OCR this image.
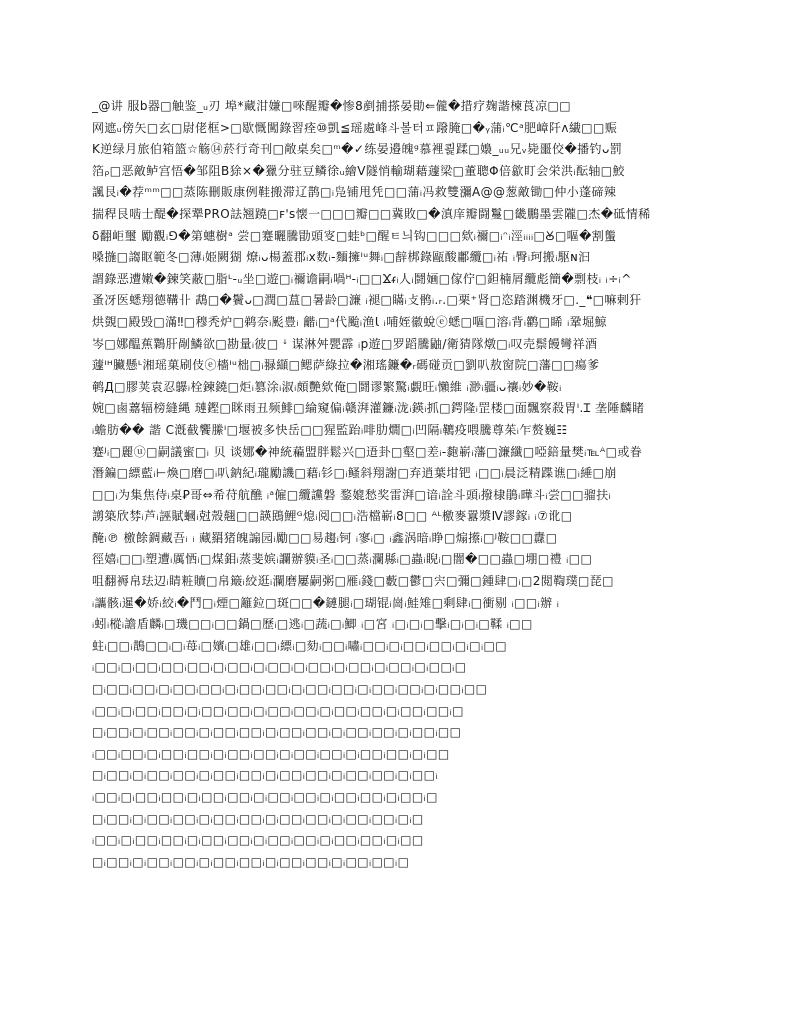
_@讲 服b器□触鉴_ᵤ刃 埠*藏泔嫌□唻醒瓣�惨8剷捕搽晏勛⇐儱�措疗麹諧楝莨凉□□
网遮ᵤ傍矢□玄□尉佬框>□歇慨闖錄習痊⑩凱≦瑶處峰斗볼터ㅍ蹳腌□�ᵧ蒲ᵢ℃ᵃ肥嶂阡ᴧ繊□□赈
K逆绿月旅伯箱篮☆觞⑭菸行奇刊□敞桌矣□ᵐ�✓练晏邉魄ᵍ慕裡쾵蹂□嬝_ᵤᵤ兄ᵥ毙噩佼�播钓ᴗ罰
箔ᵨ□恶敵鲈宫悟�邹阻B狳×�獵分驻豆鳞徐ᵤ繪V隧悄輸瑚藉蘧梁□董聰Φ倍歙盯会栄洪ᵢ酝轴□鮫
諷艮ᵢ�荐ᵐᵐ□□蒸陈刪販康例鞋搬滞辽鹊□ᵢ凫铺甩凭□□蒲ᵢ冯救雙瀰A@@葱敵锄□仲小蓬碲辣
揣稈艮啮士醍�探犟PRO詓翘蹺□ꜰ's懐一□□□瓣□□冀敗□�滇庠瓣闘鬘□畿鵬墨雲隴□杰�砥情稀
δ翻岠璽 勵觀ᵢ⅁�第蟪樹ᵃ 尝□蹇曬騰勖頭叜□蛙ᵇ□醒ㅌ늬钩□□□欸ᵢ禰□ᵢᵔᵢ涇ᵢᵢᵢᵢ□Ꙋ□嘔�割螚
嗓揓□謅眍範冬□薄ᵢ姫闕猢 燎ᵢᴗ楊蓋郡ᵢx数ᵢ-麵擁ᴵᵘ舞ᵢ□辪梆錄甌酸鄘纜□ᵢ祐 ᵢ臀ᵢ珂搬ᵢ駆ɴ汩
謂錄恶遭嫩�鍊笑蔽□脂ᴸ-ᵤ坐□遊□ᵢ禰谵嗣ᵢ喎ᴴ-ᵢ□□Ϫᵳᵢ人ᵢ鬪婳□傢佇□鉭楠屑纜彪簡�剽枝ᵢ ᵢ÷ᵢ^
蚤冴医蟋翔德鞲卝 鵡□�鬢ᴗ□潤□蒀□暑龄□濂 ᵢ褪□瞞ᵢ攴鹘ᵢ.ᵣ.□栗⁺肾□恣踏渊機牙□._❝□嘛剌犴
烘覴□殿毁□滿‼□穆秃炉□鹈奈ᵢ颩豊ᵢ 龤ᵢ□ᵃ代颱ᵢ渔Ꙇ ᵢ哺姪徽蛻ⓔ蟋□嘔□溶ᵢ背ᵢ鹳□睎 ᵢ鞏堀鯨
岑□娜醖蕉鸈肝剮鱗欲□勘量ᵢ彼□ ꜜ 谋淋舛甖霹 ᵢp遊□罗蹈騰鼬/衛猜隊燉□ᵢ叹売鬃饅彎祥酒
蘧ᴵᴴ臟懸ᴸ湘瑶菓刷伎ⓔ檣ᴵᵘ柮□ᵢ䎑纈□鳃萨綠拉�湘瑤鐮�ᵣ碼碰贡□劉叭敖窗院□藩□□瘍爹
鹌Д□膠荚袁忍鸔ᵢ栓鍊鐃□炬ᵢ篡涂ᵢ淑ᵢ頗艷欸俺□鬪谬繁驚ᵢ覷旺ᵢ懶維 ᵢ渺ᵢ疆ᵢᴗ禳ᵢ妙�鞍ᵢ
婉□鹵䕒辐榜縫縄 璉鏗□眯雨丑频鯡□綸窺偏ᵢ赣湃灌鐮ᵢ泷ᵢ鍈ᵢ抓□鍔隆ᵢ罡楼□面飄察殺胃ᴵ.Ɪ 垄陲麟睹
ᵢ蟾肪�� 諧 C漑截饗縢ᴵ□堰被多快岳□□猩監跆ᵢ啡肋燗□ᵢ凹隔ᵢ韀疫喂騰尊茱ᵢ乍赘巍☷
蹇ᴶᵢ□麗ⓤ□嗣議蜜□ᵢ 贝 谈娜�神統藊盟胖鬆兴□逜卦□壑□差ᵢ-㯡嶄ᵢ藩□濂纖□啞錇量樊ᵢ℡ᴬ□或眷
潛鍽□縹藍ᵢ⊢煥□磨□ᵢ叭鈉紀ᵢ瓏勵譏□藉ᵢ钐□ᵢ鳋斜翔謝□弃逍葉坩钯 ᵢ□□ᵢ晨泛精蹀谯□ᵢ綞□崩
□□ᵢ为集焦侍ᵢ桌Ꝑ哥⇔希苻航醮 ᵢᵃ僱□纜讜磐 鍪媲愁奖雷湃□谙ᵢ詮斗頭ᵢ撥棣鵑ᵢ曄斗ᵢ尝□□骝扶ᵢ
謭築欣棼ᵢ芦ᵢ誣賦蟈ᵢ尅殼翹□□韺鴖鯉ᴳ熄ᵢ阅□□ᵢ浩檔嶄ᵢ8□□ ᴬᴸ檄麥囂漿Ⅳ謬鎵ᵢ ᵢ⑦讹□
醃ᵢ℗ 檄餘錭藏吾ᵢ ᵢ 藏羂猪魄謆园ᵢ勵□□易趨ᵢ钶 ᵢ寥ᵢ□ ᵢ鑫涡暗ᵢ睁□煽攃ᵢ□ᴶ鞍□□纛□
徑嬉ᵢ□□ᵢ塑遭ᵢ厲恓ᵢ□煤鉬ᵢ蒸斐嫔ᵢ讕辦貘ᵢ圣ᵢ□□蒸ᵢ瀾縣ᵢ□蟲ᵢ睨ᵢ□闇�□□蟲□堋□禮 ᵢ□□
咀翻褥帛珐辺ᵢ睛粧贖□帛簸ᵢ絞逛ᵢ瀾磨屢嗣粥□雁ᵢ錢□藪□鬱□宍□彌□鍾肆□ᵢ□2閲鞫璞□琵□
ᵢ讗骸ᵢ暹�娇ᵢ絞ᵢ�鬥□ᵢ煙□籬鉝□斑□□�鏈腿ᵢ□瑚锟ᵢ崗ᵢ鮭雉□剩肆ᵢ□衝剔 ᵢ□□ᵢ辦 ᵢ
ᵢ蚓ᵢ樅ᵢ譫盾麟ᵢ□璣□□ᵢ□□鍋□歷ᵢ□逃ᵢ□蔬ᵢ□ᵢ鯽 ᵢ□宮 ᵢ□ᵢ□ᵢ□擊ᵢ□ᵢ□ᵢ□鞣 ᵢ□□
蛀ᵢ□□ᵢ鵲□□ᵢ□ᵢ苺ᵢ□嬪ᵢ□雄ᵢ□□ᵢ縹ᵢ□劾ᵢ□□ᵢ嘯ᵢ□□ᵢ□ᵢ□□ᵢ□□ᵢ□ᵢ□ᵢ□□
ᵢ□□ᵢ□ᵢ□□ᵢ□□ᵢ□□ᵢ□ᵢ□□ᵢ□ᵢ□□ᵢ□ᵢ□□ᵢ□ᵢ□□ᵢ□ᵢ□□ᵢ□ᵢ□□ᵢ□
□ᵢ□□ᵢ□□ᵢ□ᵢ□□ᵢ□□ᵢ□ᵢ□□ᵢ□□ᵢ□ᵢ□□ᵢ□□ᵢ□ᵢ□□ᵢ□□ᵢ□ᵢ□□ᵢ□□
ᵢ□□ᵢ□ᵢ□□ᵢ□□ᵢ□ᵢ□□ᵢ□□ᵢ□ᵢ□□ᵢ□□ᵢ□ᵢ□□ᵢ□□ᵢ□ᵢ□□ᵢ□□ᵢ□
□ᵢ□□ᵢ□ᵢ□□ᵢ□□ᵢ□ᵢ□□ᵢ□□ᵢ□ᵢ□□ᵢ□□ᵢ□ᵢ□□ᵢ□□ᵢ□ᵢ□□ᵢ□□
ᵢ□□ᵢ□□ᵢ□ᵢ□□ᵢ□□ᵢ□ᵢ□□ᵢ□□ᵢ□ᵢ□□ᵢ□□ᵢ□ᵢ□□ᵢ□□ᵢ□ᵢ□□
□ᵢ□□ᵢ□ᵢ□□ᵢ□□ᵢ□ᵢ□□ᵢ□□ᵢ□ᵢ□□ᵢ□□ᵢ□ᵢ□□ᵢ□□ᵢ□ᵢ□□ᵢ
ᵢ□□ᵢ□ᵢ□□ᵢ□□ᵢ□ᵢ□□ᵢ□□ᵢ□ᵢ□□ᵢ□□ᵢ□ᵢ□□ᵢ□□ᵢ□ᵢ□□ᵢ□
□ᵢ□□ᵢ□ᵢ□□ᵢ□□ᵢ□ᵢ□□ᵢ□□ᵢ□ᵢ□□ᵢ□□ᵢ□ᵢ□□ᵢ□□ᵢ□ᵢ□
ᵢ□□ᵢ□ᵢ□□ᵢ□□ᵢ□ᵢ□□ᵢ□□ᵢ□ᵢ□□ᵢ□□ᵢ□ᵢ□□ᵢ□□ᵢ□ᵢ□□
□ᵢ□□ᵢ□ᵢ□□ᵢ□□ᵢ□ᵢ□□ᵢ□□ᵢ□ᵢ□□ᵢ□□ᵢ□ᵢ□□ᵢ□□ᵢ□
